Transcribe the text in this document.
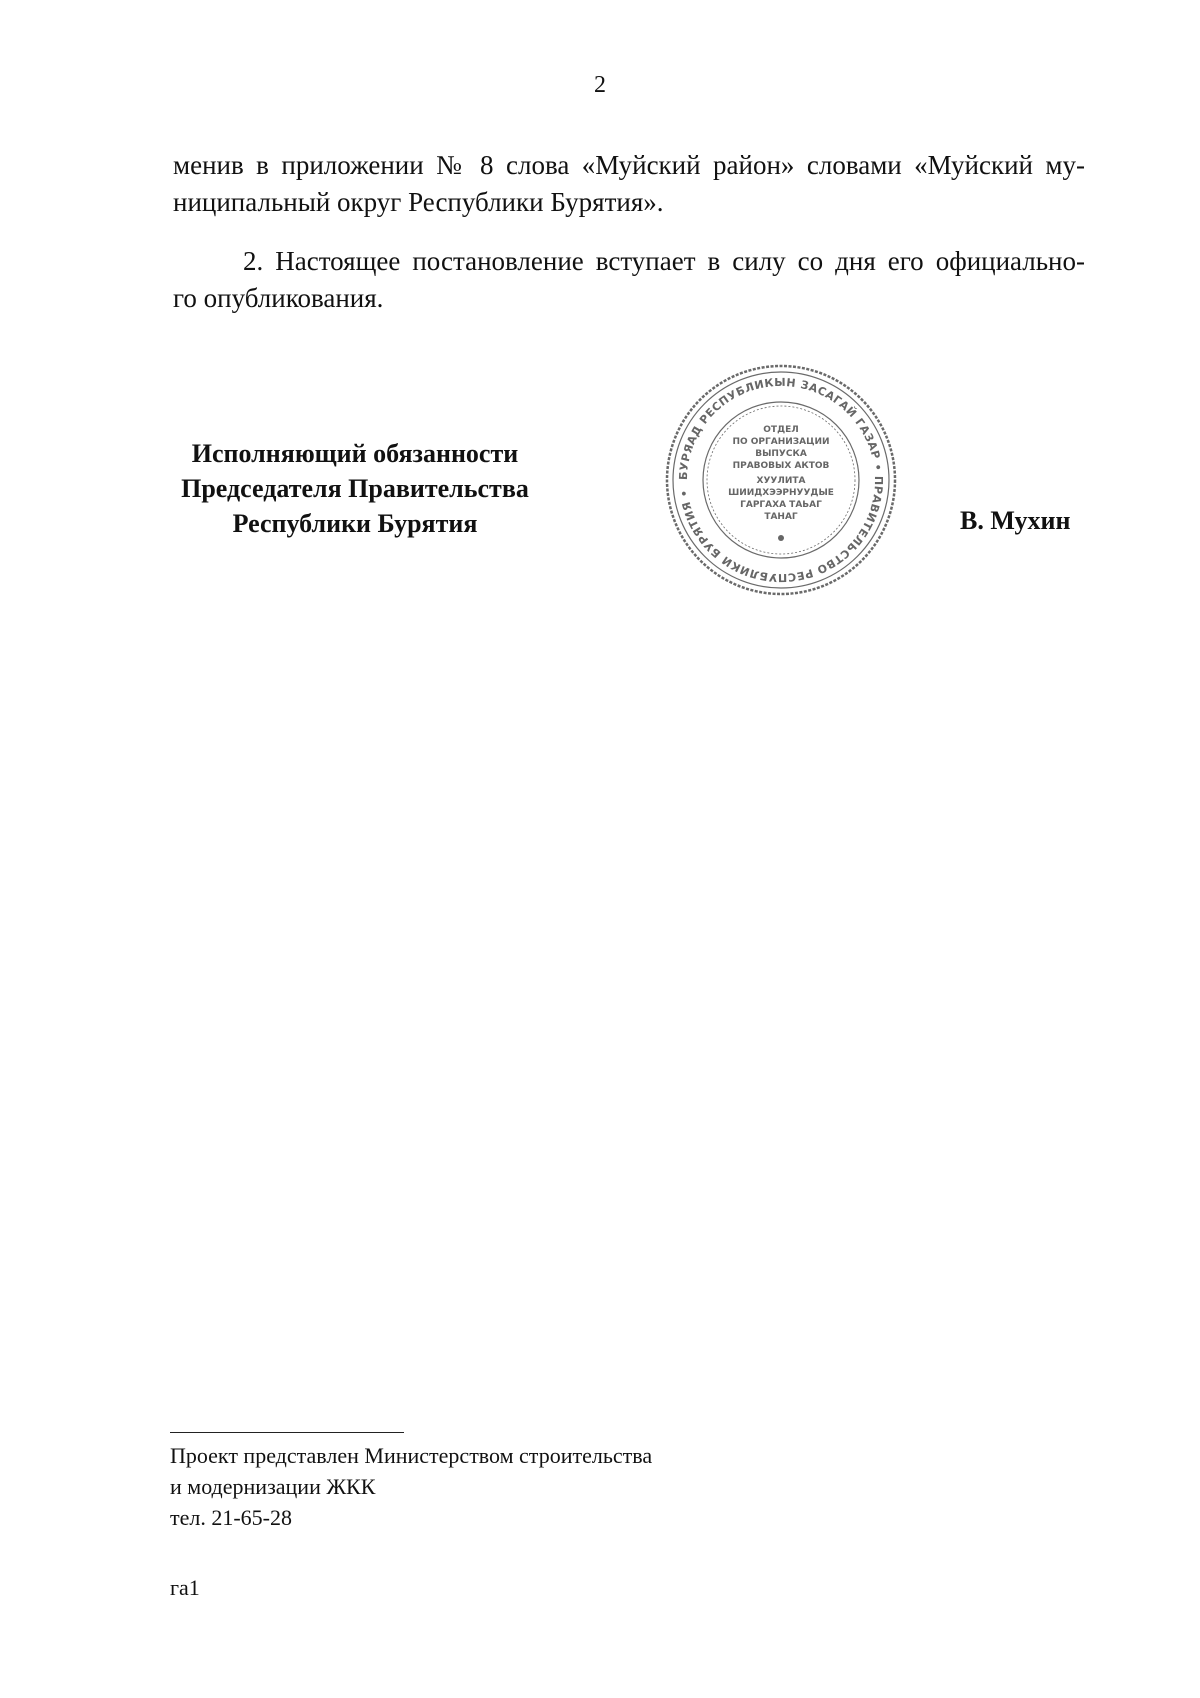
2

менив в приложении № 8 слова «Муйский район» словами «Муйский му-
ниципальный округ Республики Бурятия».

2. Настоящее постановление вступает в силу со дня его официально-
го опубликования.

Исполняющий обязанности
Председателя Правительства
Республики Бурятия
БУРЯАД РЕСПУБЛИКЫН ЗАСАГАЙ ГАЗАР • ПРАВИТЕЛЬСТВО РЕСПУБЛИКИ БУРЯТИЯ •
ОТДЕЛ
ПО ОРГАНИЗАЦИИ
ВЫПУСКА
ПРАВОВЫХ АКТОВ
ХУУЛИТА
ШИИДХЭЭРНУУДЫЕ
ГАРГАХА ТАЬАГ
ТАНАГ	В. Мухин
Проект представлен Министерством строительства
и модернизации ЖКК
тел. 21-65-28
га1
